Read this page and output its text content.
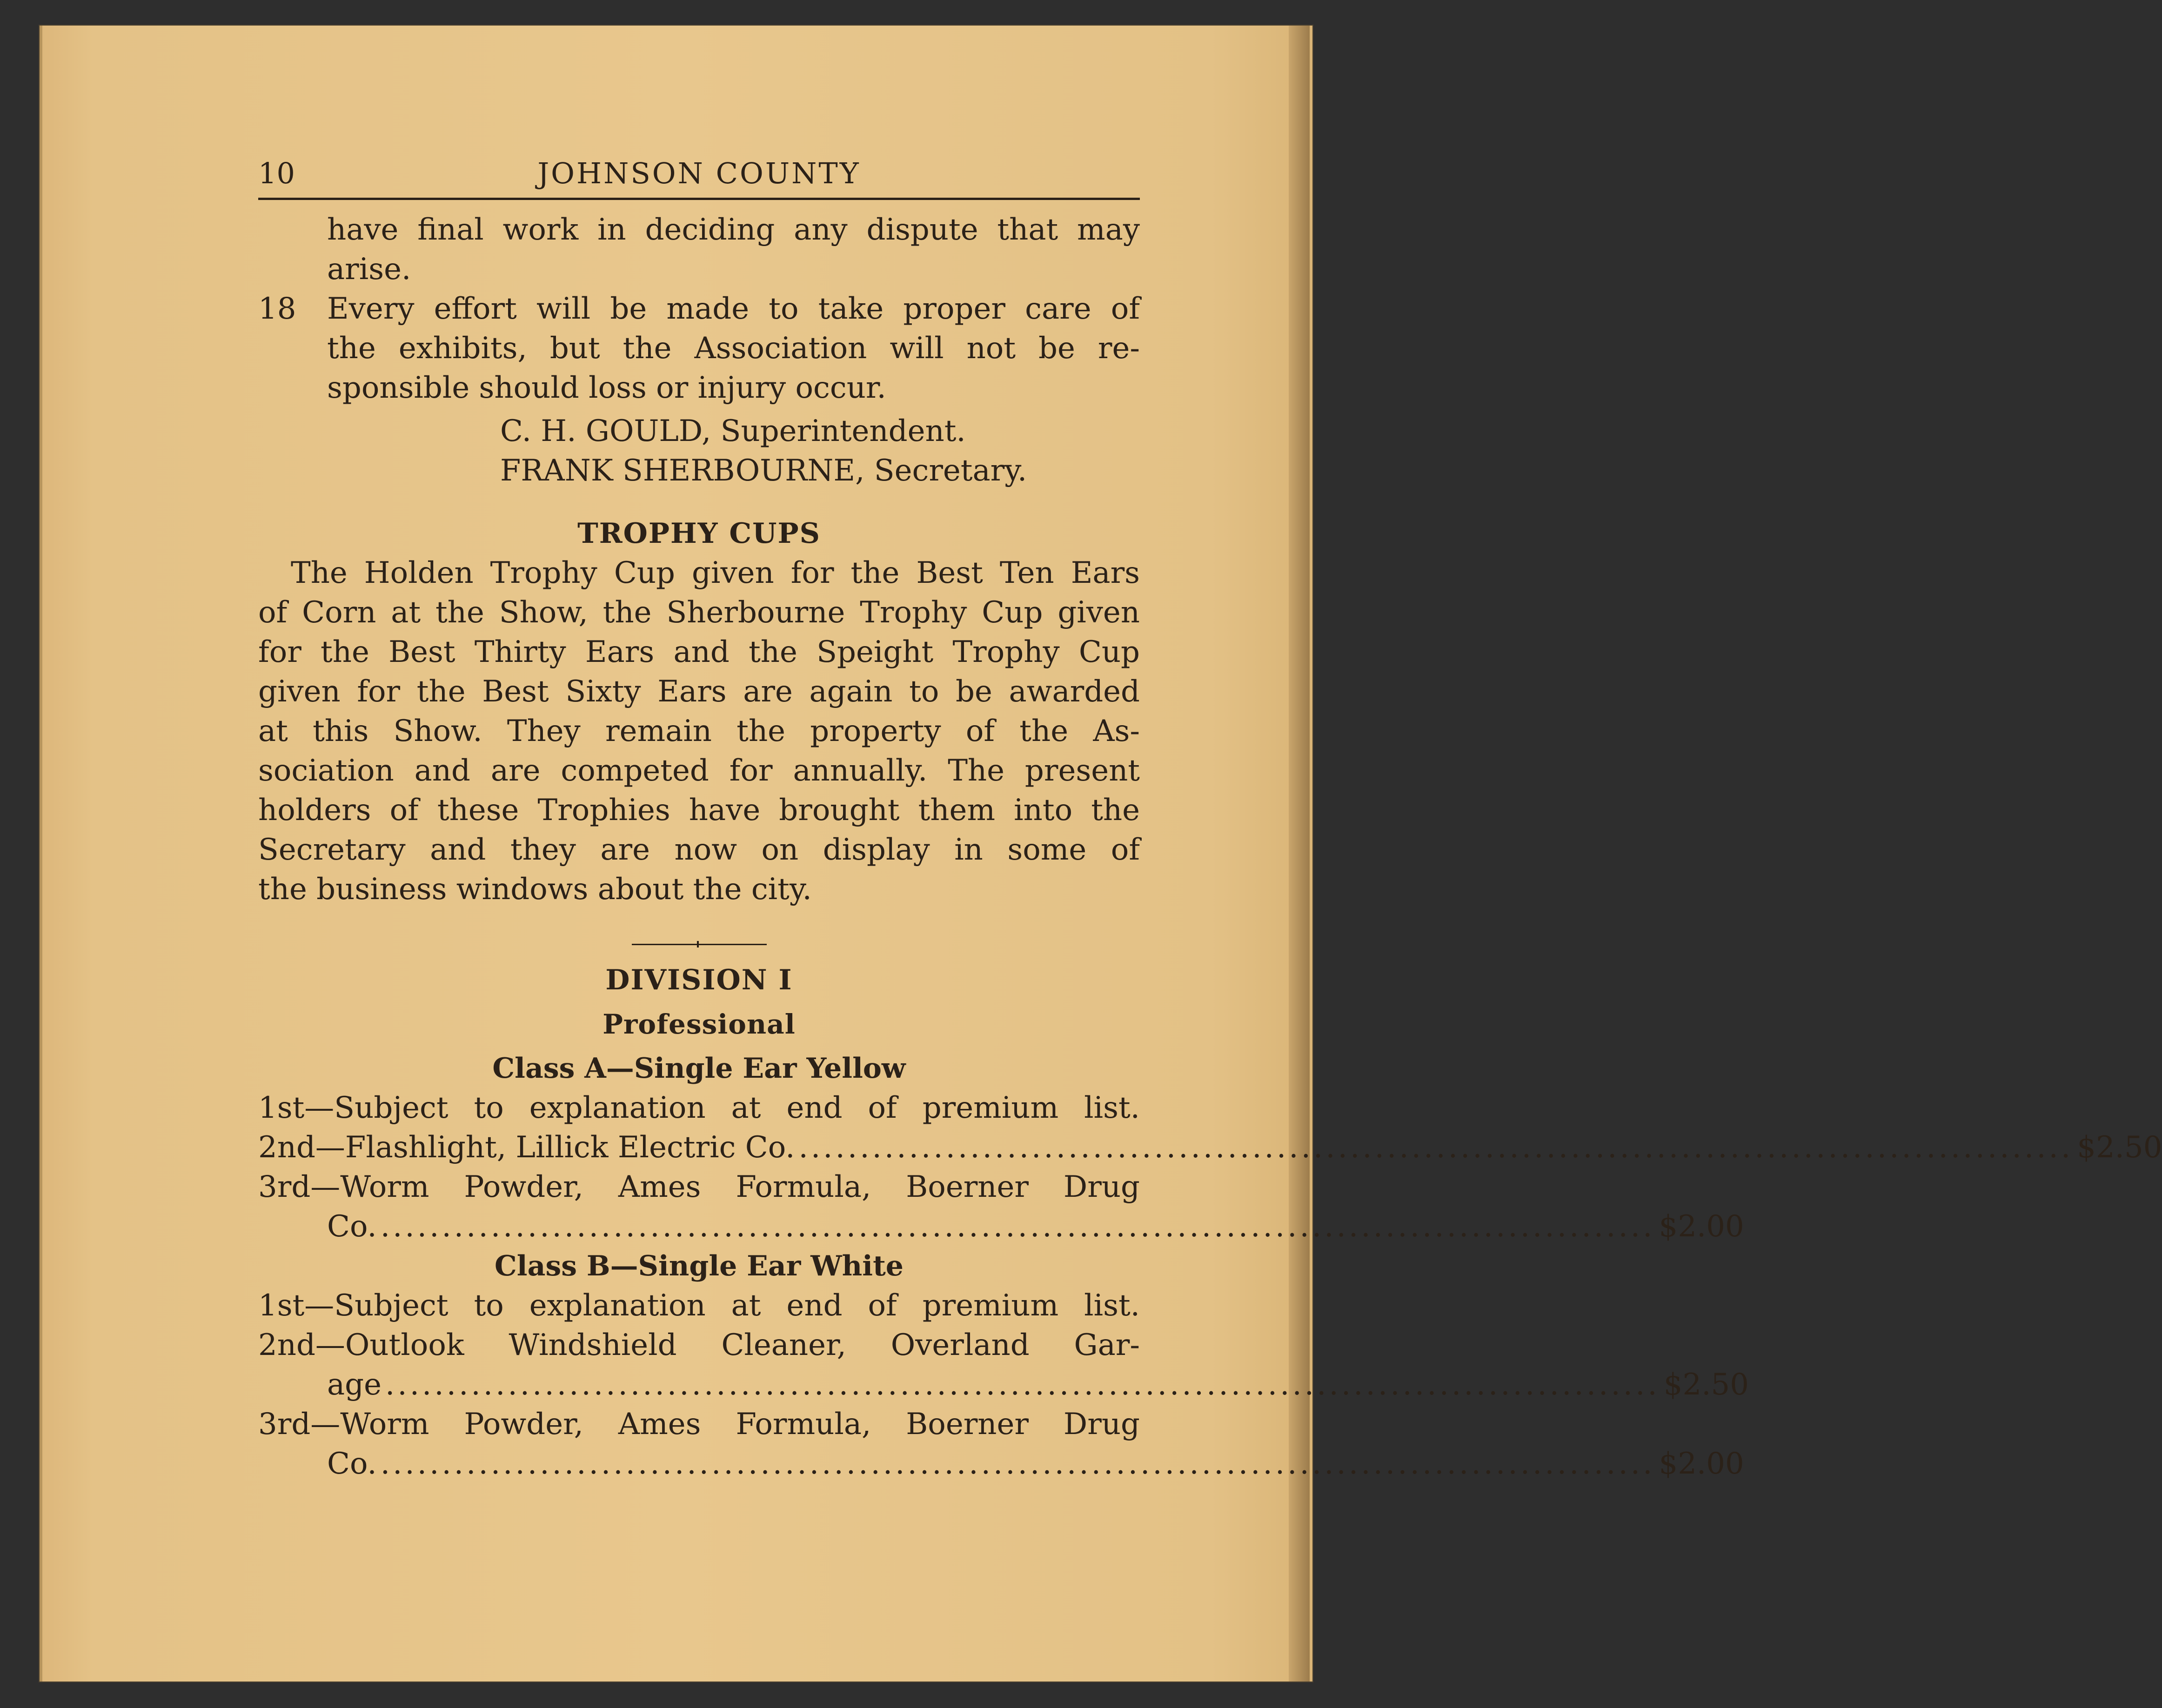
10	JOHNSON COUNTY

have final work in deciding any dispute that may

arise.

18 Every effort will be made to take proper care of

the exhibits, but the Association will not be re-

sponsible should loss or injury occur.

C. H. GOULD, Superintendent.

FRANK SHERBOURNE, Secretary.

TROPHY CUPS

The Holden Trophy Cup given for the Best Ten Ears

of Corn at the Show, the Sherbourne Trophy Cup given

for the Best Thirty Ears and the Speight Trophy Cup

given for the Best Sixty Ears are again to be awarded

at this Show. They remain the property of the As-

sociation and are competed for annually. The present

holders of these Trophies have brought them into the

Secretary and they are now on display in some of

the business windows about the city.

DIVISION I

Professional

Class A—Single Ear Yellow

1st—Subject to explanation at end of premium list.

2nd—Flashlight, Lillick Electric Co. ........................................................................................................ $2.50

3rd—Worm Powder, Ames Formula, Boerner Drug

Co. ........................................................................................................ $2.00

Class B—Single Ear White

1st—Subject to explanation at end of premium list.

2nd—Outlook Windshield Cleaner, Overland Gar-

age ........................................................................................................ $2.50

3rd—Worm Powder, Ames Formula, Boerner Drug

Co. ........................................................................................................ $2.00
